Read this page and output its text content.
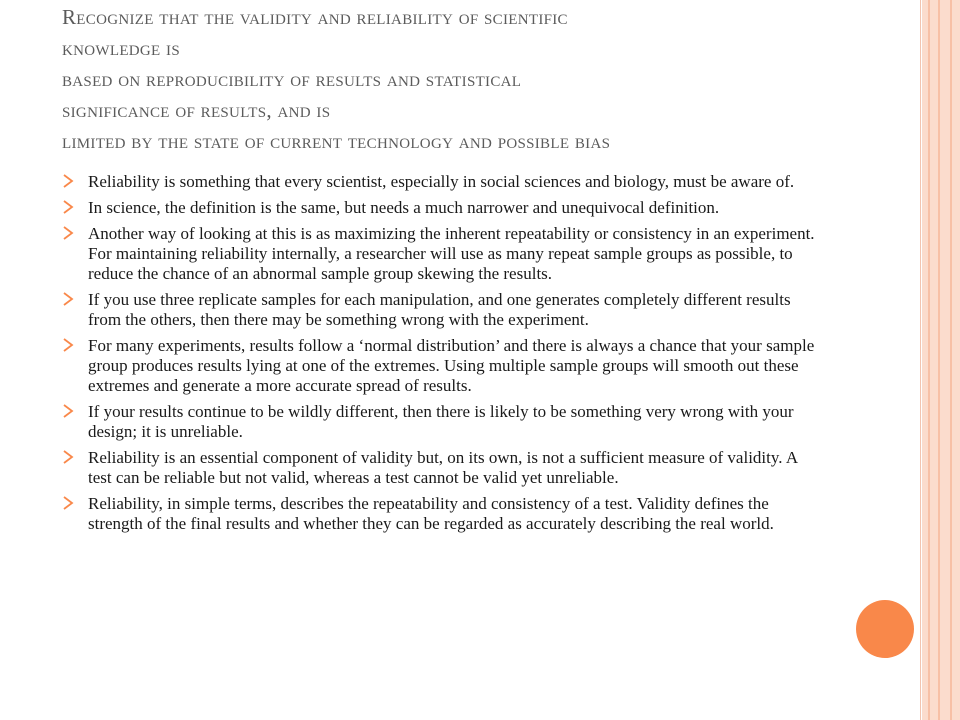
Recognize that the validity and reliability of scientific
knowledge is
based on reproducibility of results and statistical
significance of results, and is
limited by the state of current technology and possible bias
Reliability is something that every scientist, especially in social sciences and biology, must be aware of.
In science, the definition is the same, but needs a much narrower and unequivocal definition.
Another way of looking at this is as maximizing the inherent repeatability or consistency in an experiment. For maintaining reliability internally, a researcher will use as many repeat sample groups as possible, to reduce the chance of an abnormal sample group skewing the results.
If you use three replicate samples for each manipulation, and one generates completely different results from the others, then there may be something wrong with the experiment.
For many experiments, results follow a ‘normal distribution’ and there is always a chance that your sample group produces results lying at one of the extremes. Using multiple sample groups will smooth out these extremes and generate a more accurate spread of results.
If your results continue to be wildly different, then there is likely to be something very wrong with your design; it is unreliable.
Reliability is an essential component of validity but, on its own, is not a sufficient measure of validity. A test can be reliable but not valid, whereas a test cannot be valid yet unreliable.
Reliability, in simple terms, describes the repeatability and consistency of a test. Validity defines the strength of the final results and whether they can be regarded as accurately describing the real world.
